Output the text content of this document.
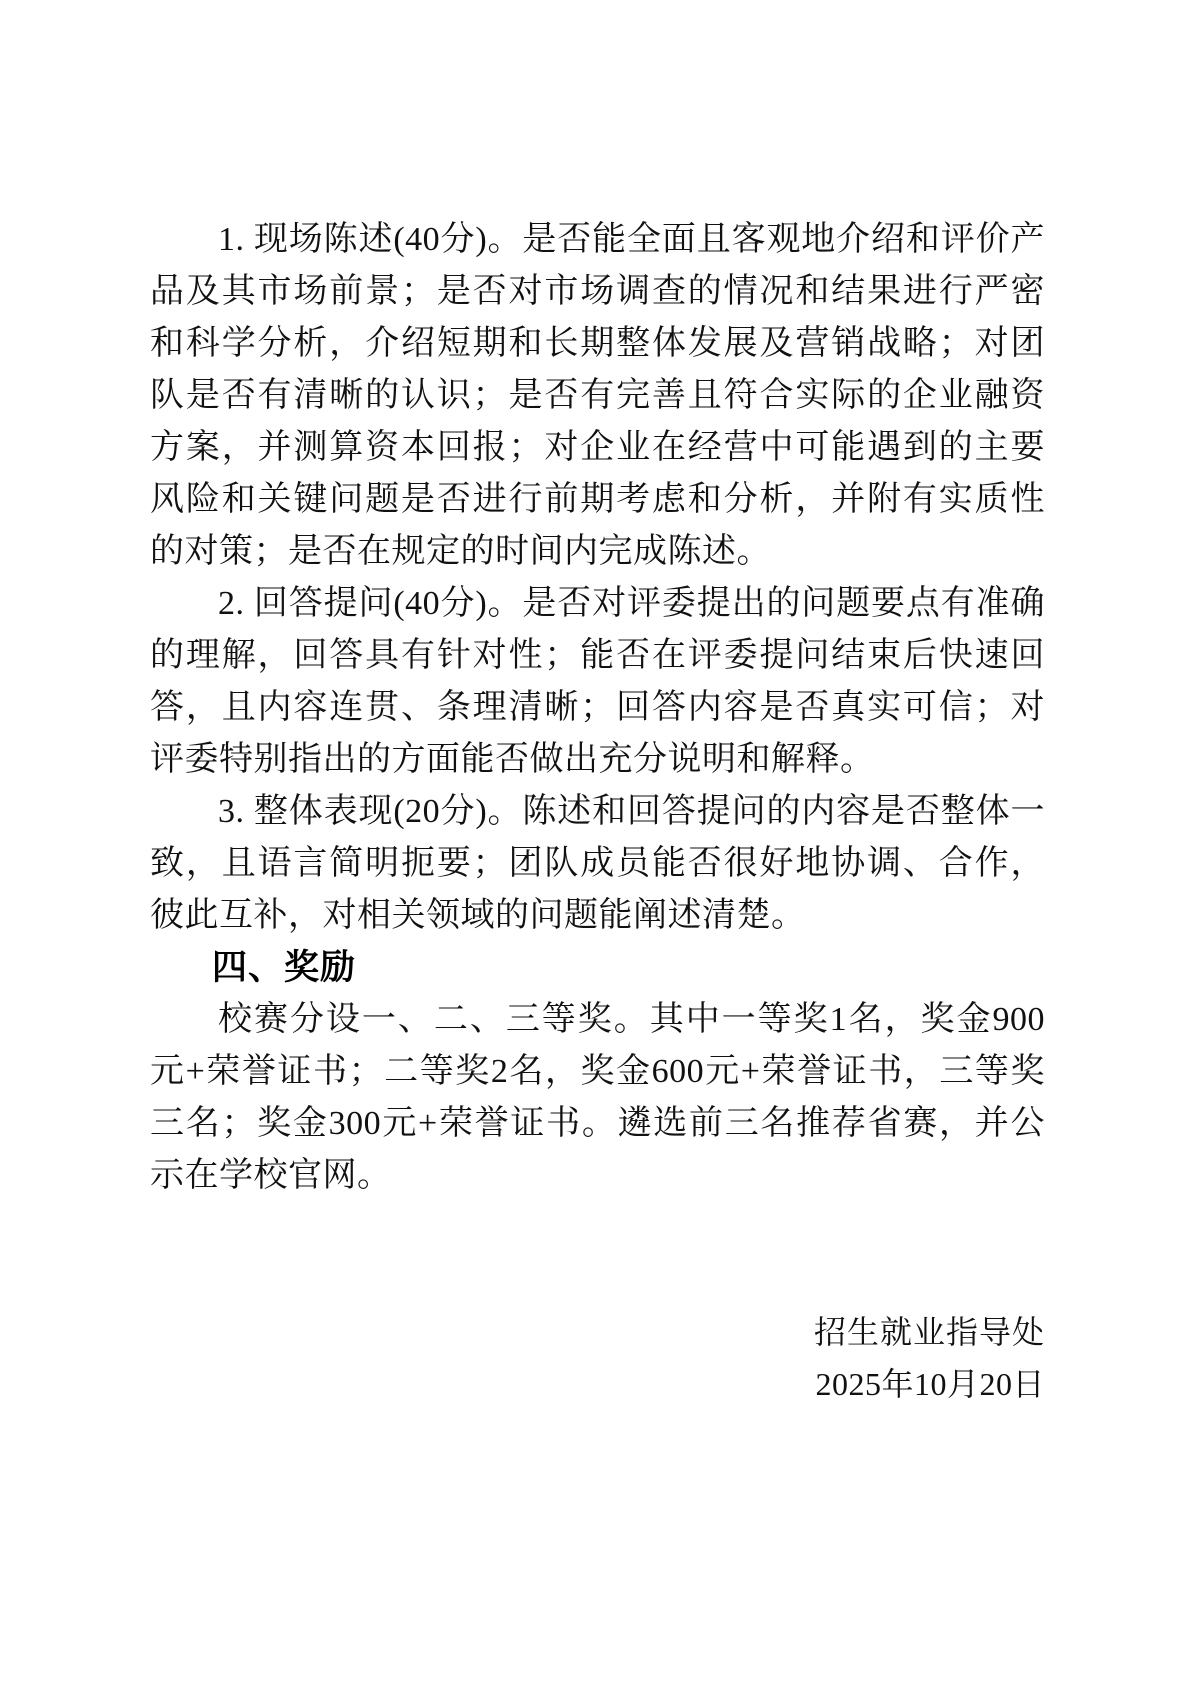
1. 现场陈述(40分)。是否能全面且客观地介绍和评价产品及其市场前景；是否对市场调查的情况和结果进行严密和科学分析，介绍短期和长期整体发展及营销战略；对团队是否有清晰的认识；是否有完善且符合实际的企业融资方案，并测算资本回报；对企业在经营中可能遇到的主要风险和关键问题是否进行前期考虑和分析，并附有实质性的对策；是否在规定的时间内完成陈述。

2. 回答提问(40分)。是否对评委提出的问题要点有准确的理解，回答具有针对性；能否在评委提问结束后快速回答，且内容连贯、条理清晰；回答内容是否真实可信；对评委特别指出的方面能否做出充分说明和解释。

3. 整体表现(20分)。陈述和回答提问的内容是否整体一致，且语言简明扼要；团队成员能否很好地协调、合作，彼此互补，对相关领域的问题能阐述清楚。

四、奖励

校赛分设一、二、三等奖。其中一等奖1名，奖金900元+荣誉证书；二等奖2名，奖金600元+荣誉证书，三等奖三名；奖金300元+荣誉证书。遴选前三名推荐省赛，并公示在学校官网。

招生就业指导处
2025年10月20日
